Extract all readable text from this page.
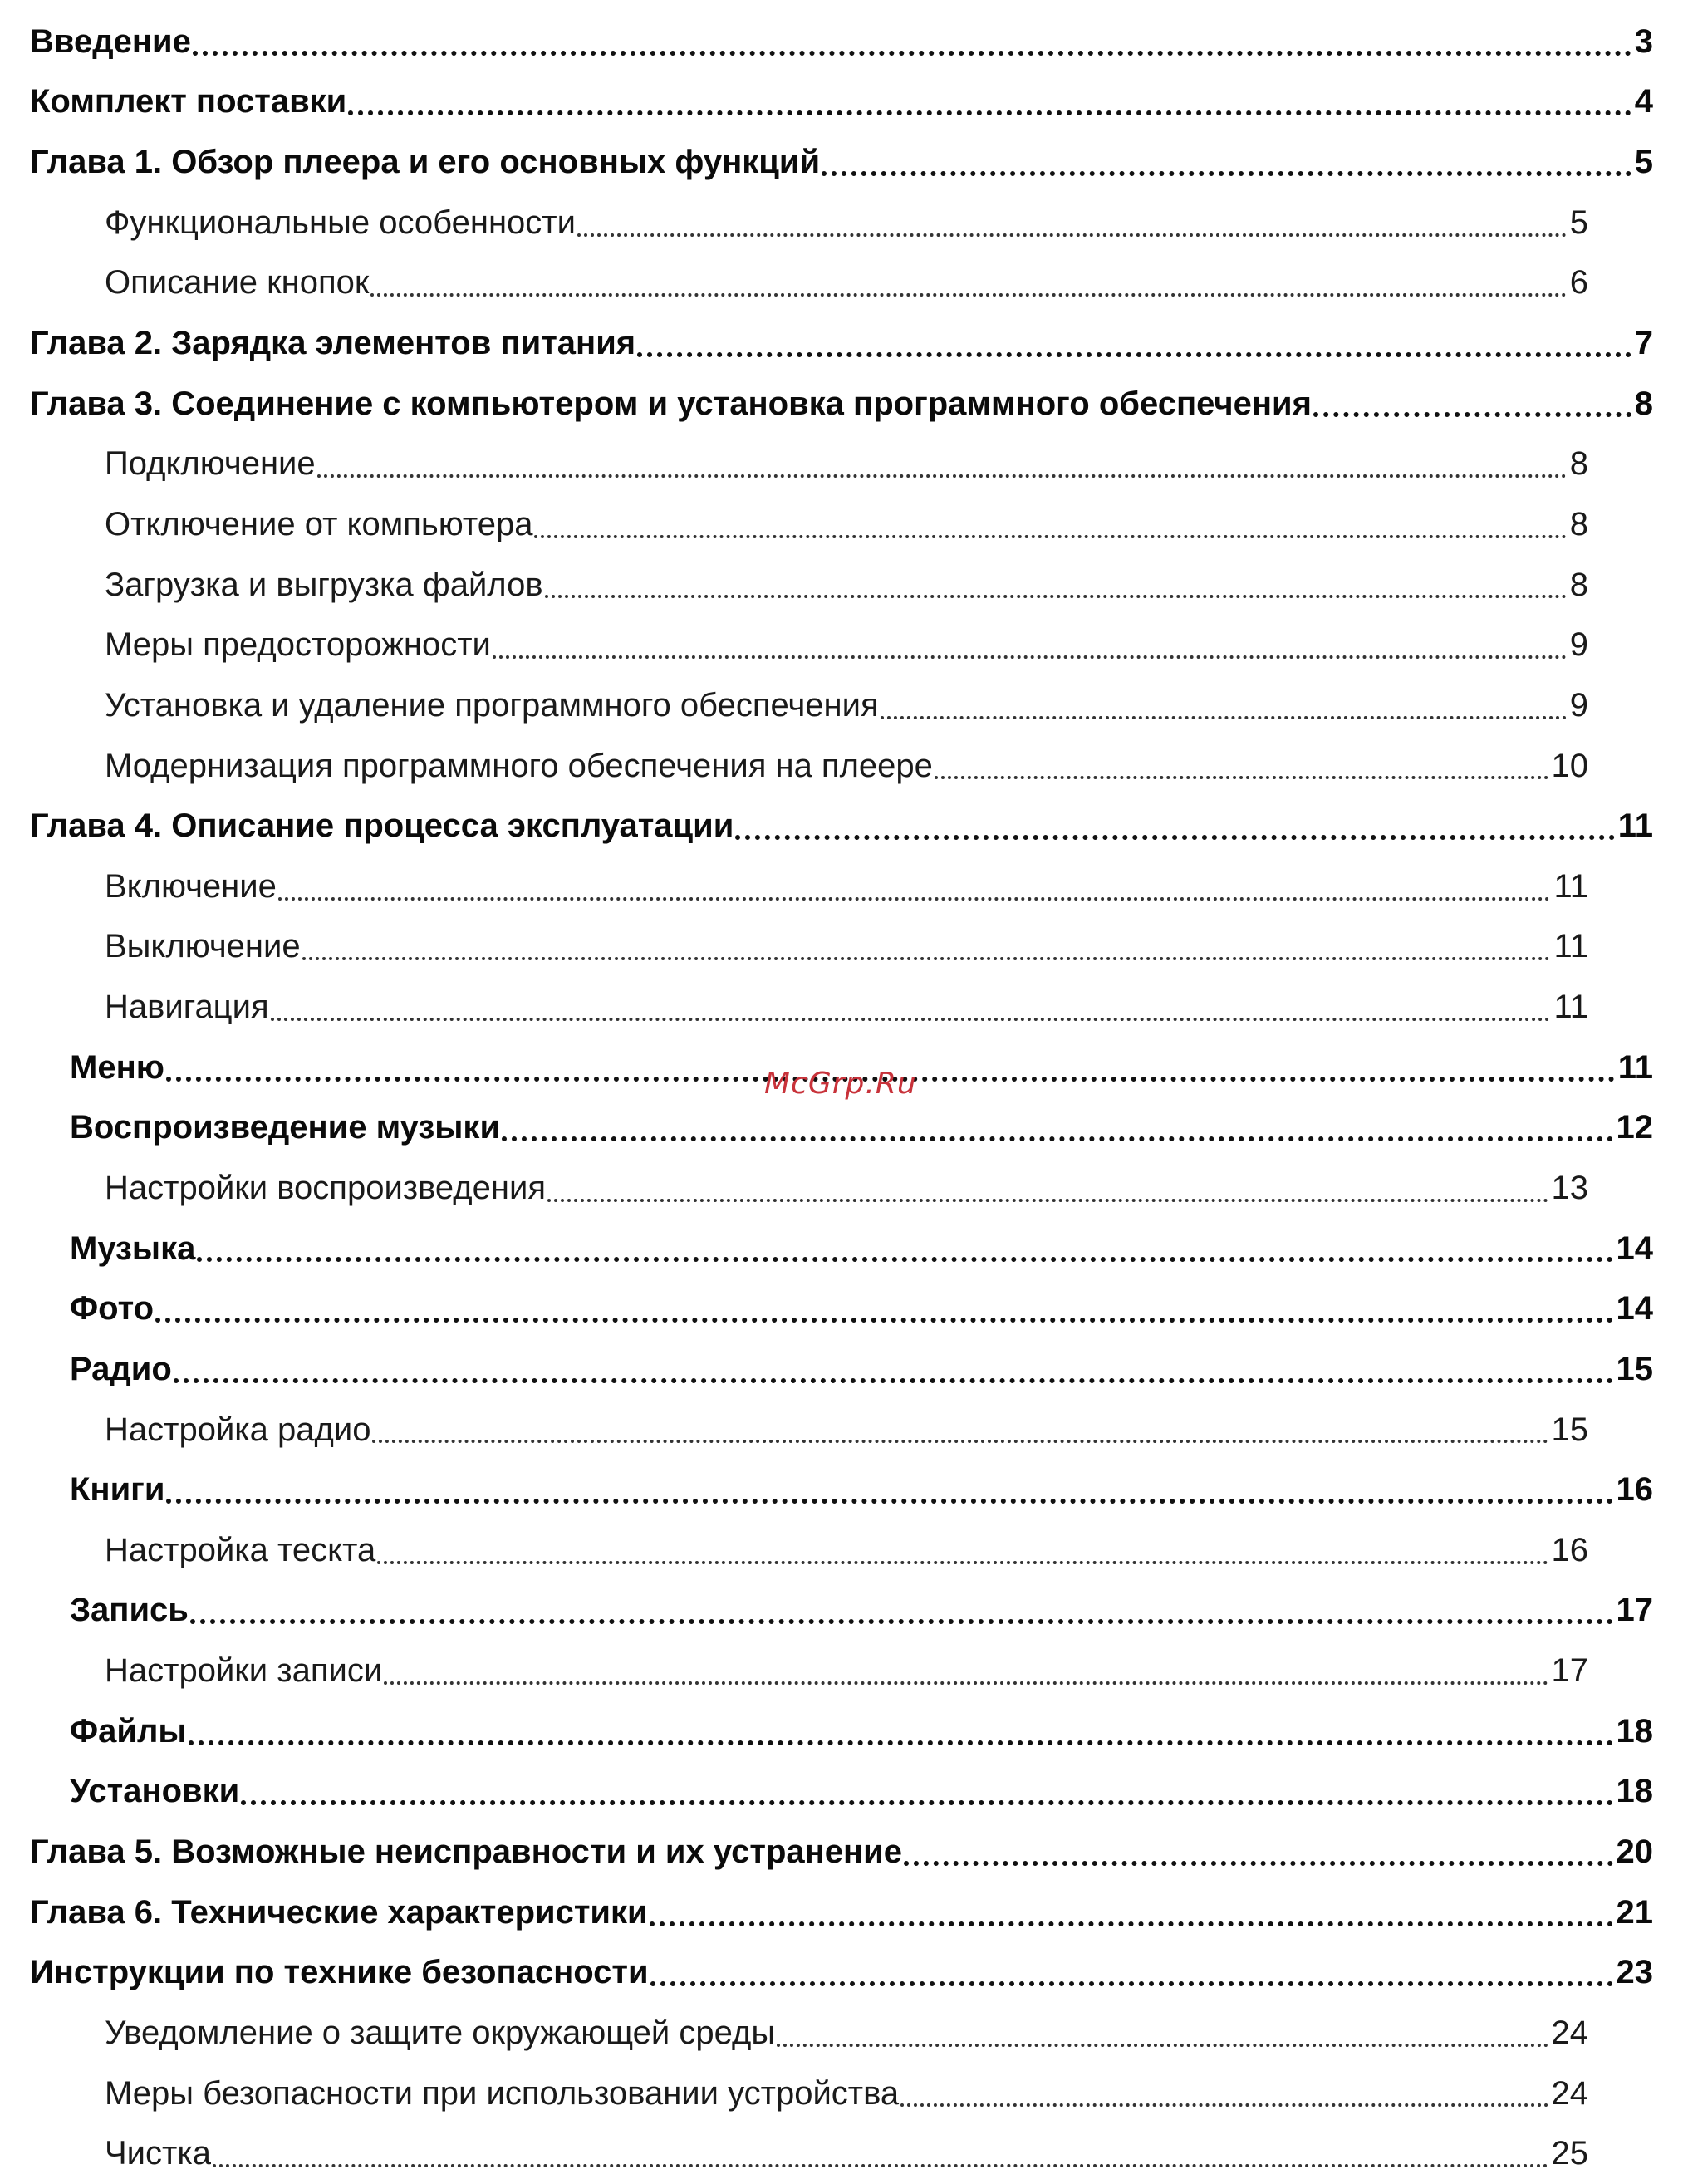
Введение	3
Комплект поставки	4
Глава 1. Обзор плеера и его основных функций	5
Функциональные особенности	5
Описание кнопок	6
Глава 2. Зарядка элементов питания	7
Глава 3. Соединение с компьютером и установка программного обеспечения	8
Подключение	8
Отключение от компьютера	8
Загрузка и выгрузка файлов	8
Меры предосторожности	9
Установка и удаление программного обеспечения	9
Модернизация программного обеспечения на плеере	10
Глава 4. Описание процесса эксплуатации	11
Включение	11
Выключение	11
Навигация	11
Меню	11
Воспроизведение музыки	12
Настройки воспроизведения	13
Музыка	14
Фото	14
Радио	15
Настройка радио	15
Книги	16
Настройка тескта	16
Запись	17
Настройки записи	17
Файлы	18
Установки	18
Глава 5. Возможные неисправности и их устранение	20
Глава 6. Технические характеристики	21
Инструкции по технике безопасности	23
Уведомление о защите окружающей среды	24
Меры безопасности при использовании устройства	24
Чистка	25
McGrp.Ru
